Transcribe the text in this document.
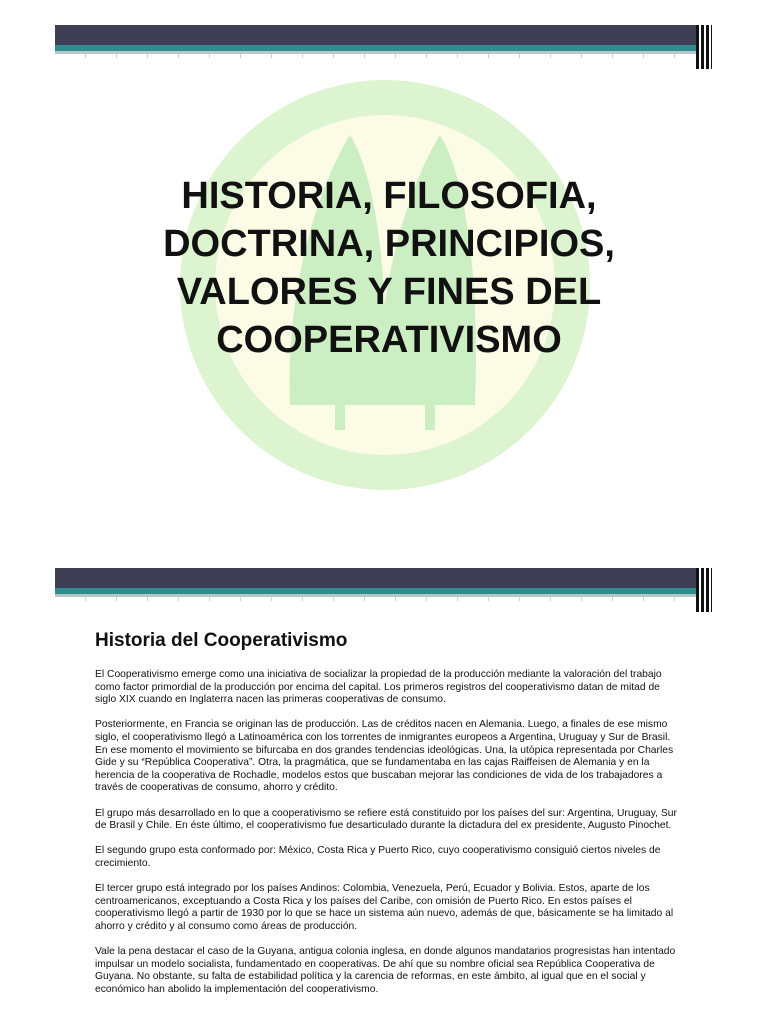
HISTORIA, FILOSOFIA,
DOCTRINA, PRINCIPIOS,
VALORES Y FINES DEL
COOPERATIVISMO
Historia del Cooperativismo

El Cooperativismo emerge como una iniciativa de socializar la propiedad de la producción mediante la valoración del trabajo como factor primordial de la producción por encima del capital. Los primeros registros del cooperativismo datan de mitad de siglo XIX cuando en Inglaterra nacen las primeras cooperativas de consumo.

Posteriormente, en Francia se originan las de producción. Las de créditos nacen en Alemania. Luego, a finales de ese mismo siglo, el cooperativismo llegó a Latinoamérica con los torrentes de inmigrantes europeos a Argentina, Uruguay y Sur de Brasil. En ese momento el movimiento se bifurcaba en dos grandes tendencias ideológicas. Una, la utópica representada por Charles Gide y su “República Cooperativa”. Otra, la pragmática, que se fundamentaba en las cajas Raiffeisen de Alemania y en la herencia de la cooperativa de Rochadle, modelos estos que buscaban mejorar las condiciones de vida de los trabajadores a través de cooperativas de consumo, ahorro y crédito.

El grupo más desarrollado en lo que a cooperativismo se refiere está constituido por los países del sur: Argentina, Uruguay, Sur de Brasil y Chile. En éste último, el cooperativismo fue desarticulado durante la dictadura del ex presidente, Augusto Pinochet.

El segundo grupo esta conformado por: México, Costa Rica y Puerto Rico, cuyo cooperativismo consiguió ciertos niveles de crecimiento.

El tercer grupo está integrado por los países Andinos: Colombia, Venezuela, Perú, Ecuador y Bolivia. Estos, aparte de los centroamericanos, exceptuando a Costa Rica y los países del Caribe, con omisión de Puerto Rico. En estos países el cooperativismo llegó a partir de 1930 por lo que se hace un sistema aún nuevo, además de que, básicamente se ha limitado al ahorro y crédito y al consumo como áreas de producción.

Vale la pena destacar el caso de la Guyana, antigua colonia inglesa, en donde algunos mandatarios progresistas han intentado impulsar un modelo socialista, fundamentado en cooperativas. De ahí que su nombre oficial sea República Cooperativa de Guyana. No obstante, su falta de estabilidad política y la carencia de reformas, en este ámbito, al igual que en el social y económico han abolido la implementación del cooperativismo.
